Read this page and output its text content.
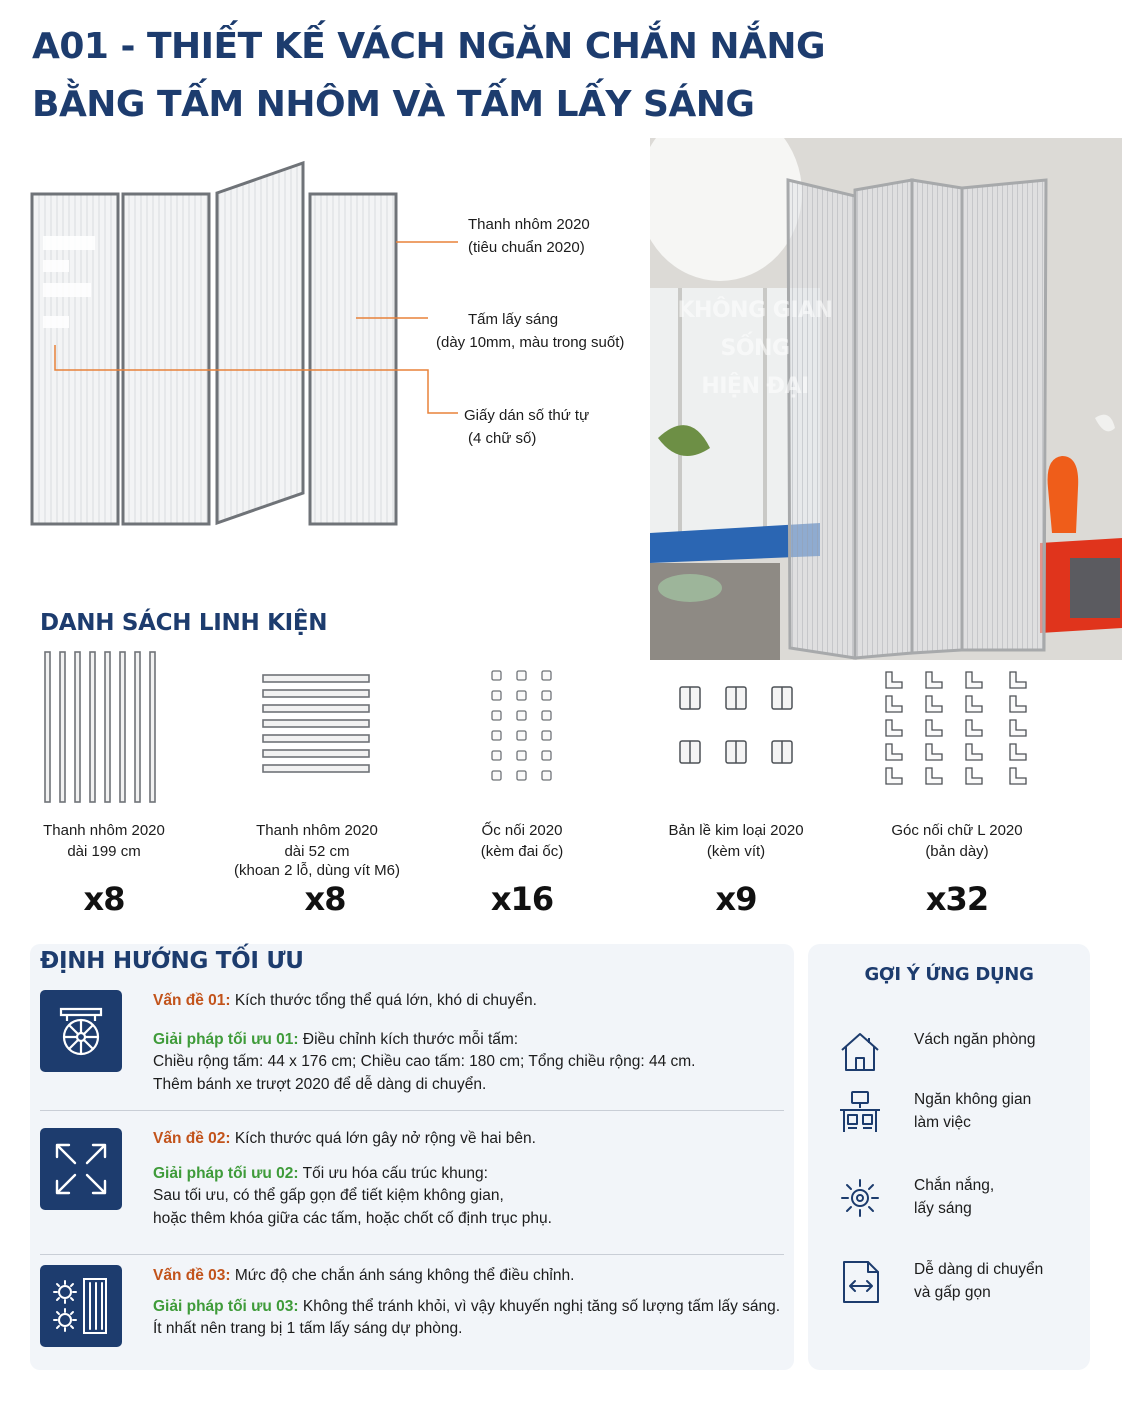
A01 - THIẾT KẾ VÁCH NGĂN CHẮN NẮNG
BẰNG TẤM NHÔM VÀ TẤM LẤY SÁNG
Thanh nhôm 2020
(tiêu chuẩn 2020)
Tấm lấy sáng
(dày 10mm, màu trong suốt)
Giấy dán số thứ tự
(4 chữ số)
KHÔNG GIAN
SỐNG
HIỆN ĐẠI
DANH SÁCH LINH KIỆN
Thanh nhôm 2020
dài 199 cm
x8
Thanh nhôm 2020
dài 52 cm
(khoan 2 lỗ, dùng vít M6)
x8
Ốc nối 2020
(kèm đai ốc)
x16
Bản lề kim loại 2020
(kèm vít)
x9
Góc nối chữ L 2020
(bản dày)
x32
ĐỊNH HƯỚNG TỐI ƯU
Vấn đề 01: Kích thước tổng thể quá lớn, khó di chuyển.
Giải pháp tối ưu 01: Điều chỉnh kích thước mỗi tấm:
Chiều rộng tấm: 44 x 176 cm; Chiều cao tấm: 180 cm; Tổng chiều rộng: 44 cm.
Thêm bánh xe trượt 2020 để dễ dàng di chuyển.
Vấn đề 02: Kích thước quá lớn gây nở rộng về hai bên.
Giải pháp tối ưu 02: Tối ưu hóa cấu trúc khung:
Sau tối ưu, có thể gấp gọn để tiết kiệm không gian,
hoặc thêm khóa giữa các tấm, hoặc chốt cố định trục phụ.
Vấn đề 03: Mức độ che chắn ánh sáng không thể điều chỉnh.
Giải pháp tối ưu 03: Không thể tránh khỏi, vì vậy khuyến nghị tăng số lượng tấm lấy sáng.
Ít nhất nên trang bị 1 tấm lấy sáng dự phòng.
GỢI Ý ỨNG DỤNG
Vách ngăn phòng
Ngăn không gian
làm việc
Chắn nắng,
lấy sáng
Dễ dàng di chuyển
và gấp gọn
